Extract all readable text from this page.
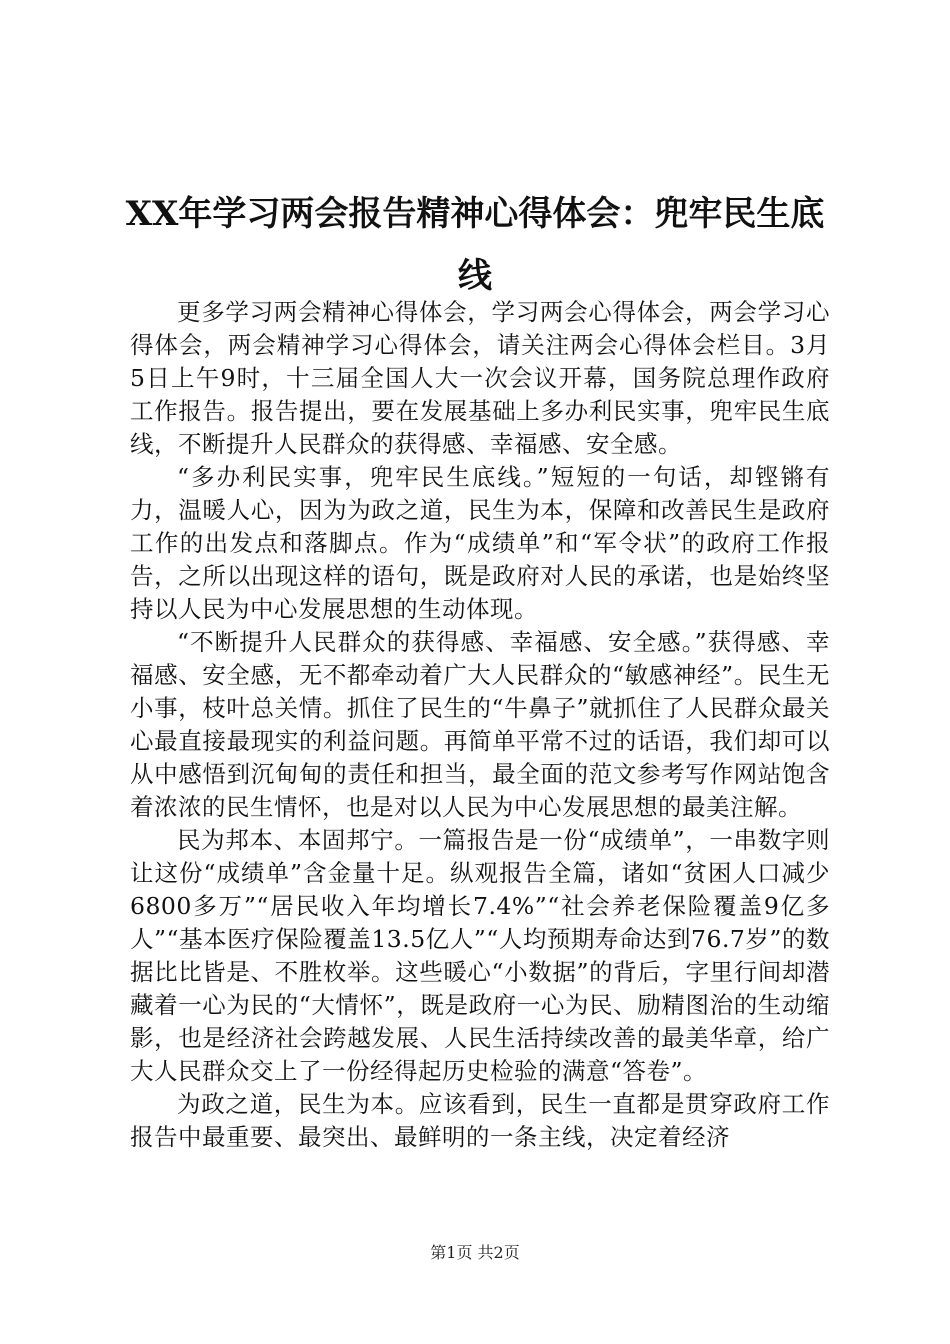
XX年学习两会报告精神心得体会：兜牢民生底线

更多学习两会精神心得体会，学习两会心得体会，两会学习心得体会，两会精神学习心得体会，请关注两会心得体会栏目。3月5日上午9时，十三届全国人大一次会议开幕，国务院总理作政府工作报告。报告提出，要在发展基础上多办利民实事，兜牢民生底线，不断提升人民群众的获得感、幸福感、安全感。

“多办利民实事，兜牢民生底线。”短短的一句话，却铿锵有力，温暖人心，因为为政之道，民生为本，保障和改善民生是政府工作的出发点和落脚点。作为“成绩单”和“军令状”的政府工作报告，之所以出现这样的语句，既是政府对人民的承诺，也是始终坚持以人民为中心发展思想的生动体现。

“不断提升人民群众的获得感、幸福感、安全感。”获得感、幸福感、安全感，无不都牵动着广大人民群众的“敏感神经”。民生无小事，枝叶总关情。抓住了民生的“牛鼻子”就抓住了人民群众最关心最直接最现实的利益问题。再简单平常不过的话语，我们却可以从中感悟到沉甸甸的责任和担当，最全面的范文参考写作网站饱含着浓浓的民生情怀，也是对以人民为中心发展思想的最美注解。

民为邦本、本固邦宁。一篇报告是一份“成绩单”，一串数字则让这份“成绩单”含金量十足。纵观报告全篇，诸如“贫困人口减少6800多万”“居民收入年均增长7.4%”“社会养老保险覆盖9亿多人”“基本医疗保险覆盖13.5亿人”“人均预期寿命达到76.7岁”的数据比比皆是、不胜枚举。这些暖心“小数据”的背后，字里行间却潜藏着一心为民的“大情怀”，既是政府一心为民、励精图治的生动缩影，也是经济社会跨越发展、人民生活持续改善的最美华章，给广大人民群众交上了一份经得起历史检验的满意“答卷”。

为政之道，民生为本。应该看到，民生一直都是贯穿政府工作报告中最重要、最突出、最鲜明的一条主线，决定着经济

第1页 共2页
